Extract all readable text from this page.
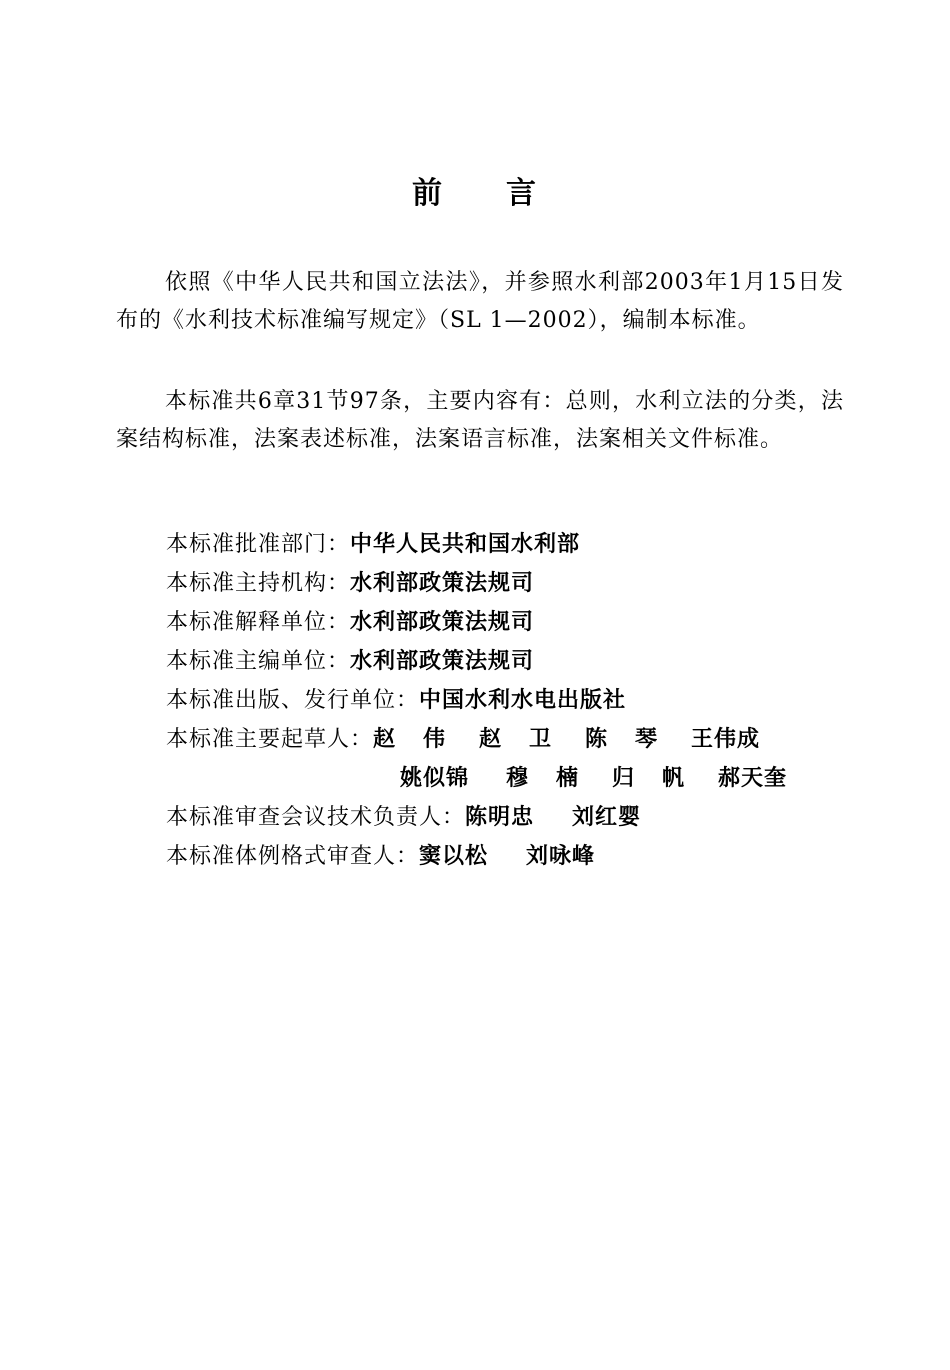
前 言
依照《中华人民共和国立法法》，并参照水利部2003年1月15日发布的《水利技术标准编写规定》（SL 1—2002），编制本标准。
本标准共6章31节97条，主要内容有：总则，水利立法的分类，法案结构标准，法案表述标准，法案语言标准，法案相关文件标准。
本标准批准部门： 中华人民共和国水利部
本标准主持机构： 水利部政策法规司
本标准解释单位： 水利部政策法规司
本标准主编单位： 水利部政策法规司
本标准出版、发行单位： 中国水利水电出版社
本标准主要起草人： 赵伟 赵卫 陈琴 王伟成
姚似锦	穆楠 归帆 郝天奎
本标准审查会议技术负责人： 陈明忠 刘红婴
本标准体例格式审查人： 窦以松 刘咏峰
